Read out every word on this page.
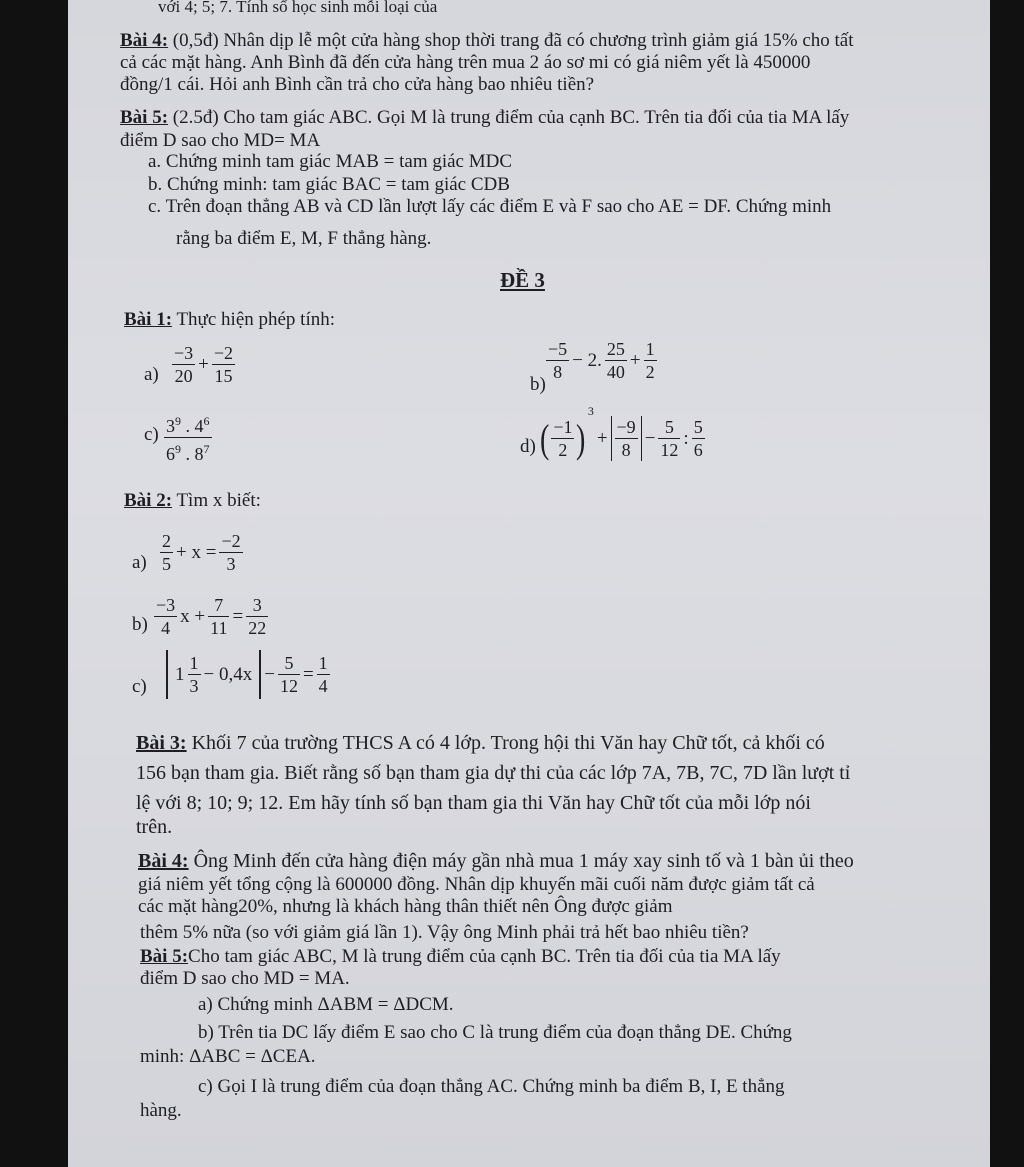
với 4; 5; 7. Tính số học sinh mỗi loại của
Bài 4: (0,5đ) Nhân dịp lễ một cửa hàng shop thời trang đã có chương trình giảm giá 15% cho tất
cả các mặt hàng. Anh Bình đã đến cửa hàng trên mua 2 áo sơ mi có giá niêm yết là 450000
đồng/1 cái. Hỏi anh Bình cần trả cho cửa hàng bao nhiêu tiền?
Bài 5: (2.5đ) Cho tam giác ABC. Gọi M là trung điểm của cạnh BC. Trên tia đối của tia MA lấy
điểm D sao cho MD= MA
a. Chứng minh tam giác MAB = tam giác MDC
b. Chứng minh: tam giác BAC = tam giác CDB
c. Trên đoạn thẳng AB và CD lần lượt lấy các điểm E và F sao cho AE = DF. Chứng minh
rằng ba điểm E, M, F thẳng hàng.
ĐỀ 3
Bài 1: Thực hiện phép tính:
$a) \frac{-3}{20} + \frac{-2}{15}$	b)
$\frac{-5}{8} - 2$. $\frac{25}{40} + \frac{1}{2}$
$c) \frac{3^9 . 4^6}{6^9 . 8^7}$	d) ( $\frac{-1}{2} )^3+ \frac{-9}{8} - \frac{5}{12}$ : $\frac{5}{6}$
Bài 2: Tìm x biết:
$a) \frac{2}{5} + x = \frac{-2}{3}$
$b) \frac{-3}{4}$ $x + \frac{7}{11} = \frac{3}{22}$
c)
$1 \frac{1}{3} - 0,4x - \frac{5}{12} = \frac{1}{4}$
Bài 3: Khối 7 của trường THCS A có 4 lớp. Trong hội thi Văn hay Chữ tốt, cả khối có
156 bạn tham gia. Biết rằng số bạn tham gia dự thi của các lớp 7A, 7B, 7C, 7D lần lượt tỉ
lệ với 8; 10; 9; 12. Em hãy tính số bạn tham gia thi Văn hay Chữ tốt của mỗi lớp nói
trên.
Bài 4: Ông Minh đến cửa hàng điện máy gần nhà mua 1 máy xay sinh tố và 1 bàn ủi theo
giá niêm yết tổng cộng là 600000 đồng. Nhân dịp khuyến mãi cuối năm được giảm tất cả
các mặt hàng20%, nhưng là khách hàng thân thiết nên Ông được giảm
thêm 5% nữa (so với giảm giá lần 1). Vậy ông Minh phải trả hết bao nhiêu tiền?
Bài 5:Cho tam giác ABC, M là trung điểm của cạnh BC. Trên tia đối của tia MA lấy
điểm D sao cho MD = MA.
a) Chứng minh ΔABM = ΔDCM.
b) Trên tia DC lấy điểm E sao cho C là trung điểm của đoạn thẳng DE. Chứng
minh: ΔABC = ΔCEA.
c) Gọi I là trung điểm của đoạn thẳng AC. Chứng minh ba điểm B, I, E thẳng
hàng.
